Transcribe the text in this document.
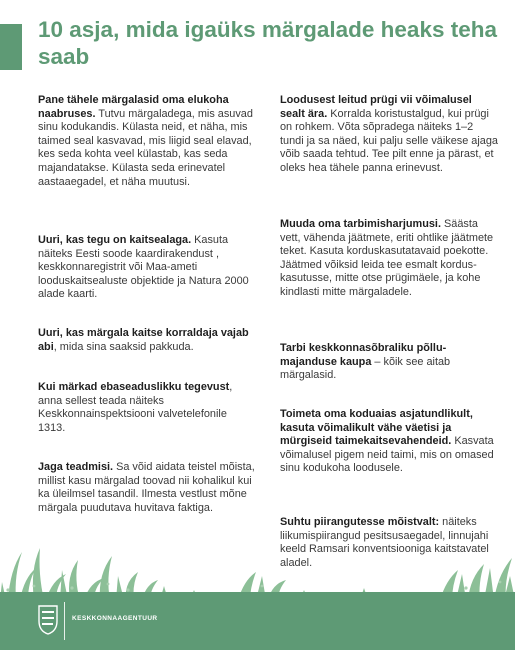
10 asja, mida igaüks märgalade heaks teha saab

Pane tähele märgalasid oma elukoha naabruses. Tutvu märgaladega, mis asuvad sinu kodukandis. Külasta neid, et näha, mis taimed seal kasvavad, mis liigid seal elavad, kes seda kohta veel külastab, kas seda majandatakse. Külasta seda erinevatel aastaaegadel, et näha muutusi.

Uuri, kas tegu on kaitsealaga. Kasuta näiteks Eesti soode kaardirakendust , keskkonnaregistrit või Maa-ameti looduskaitsealuste objektide ja Natura 2000 alade kaarti.

Uuri, kas märgala kaitse korraldaja vajab abi, mida sina saaksid pakkuda.

Kui märkad ebaseaduslikku tegevust, anna sellest teada näiteks Keskkonnainspektsiooni valvetelefonile 1313.

Jaga teadmisi. Sa võid aidata teistel mõista, millist kasu märgalad toovad nii kohalikul kui ka üleilmsel tasandil. Ilmesta vestlust mõne märgala puudutava huvitava faktiga.

Loodusest leitud prügi vii võimalusel sealt ära. Korralda koristustalgud, kui prügi on rohkem. Võta sõpradega näiteks 1–2 tundi ja sa näed, kui palju selle väikese ajaga võib saada tehtud. Tee pilt enne ja pärast, et oleks hea tähele panna erinevust.

Muuda oma tarbimisharjumusi. Säästa vett, vähenda jäätmete, eriti ohtlike jäätmete teket. Kasuta korduskasutatavaid poekotte. Jäätmed võiksid leida tee esmalt korduskasutusse, mitte otse prügimäele, ja kohe kindlasti mitte märgaladele.

Tarbi keskkonnasõbraliku põllumajanduse kaupa – kõik see aitab märgalasid.

Toimeta oma koduaias asjatundlikult, kasuta võimalikult vähe väetisi ja mürgiseid taimekaitsevahendeid. Kasvata võimalusel pigem neid taimi, mis on omased sinu kodukoha loodusele.

Suhtu piirangutesse mõistvalt: näiteks liikumispiirangud pesitsusaegadel, linnujahi keeld Ramsari konventsiooniga kaitstavatel aladel.

KESKKONNAAGENTUUR
